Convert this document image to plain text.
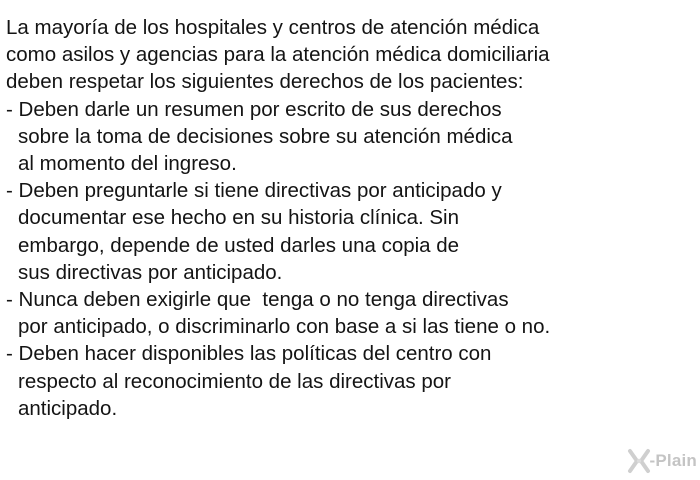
La mayoría de los hospitales y centros de atención médica

como asilos y agencias para la atención médica domiciliaria

deben respetar los siguientes derechos de los pacientes:

- Deben darle un resumen por escrito de sus derechos

sobre la toma de decisiones sobre su atención médica

al momento del ingreso.

- Deben preguntarle si tiene directivas por anticipado y

documentar ese hecho en su historia clínica. Sin

embargo, depende de usted darles una copia de

sus directivas por anticipado.

- Nunca deben exigirle que  tenga o no tenga directivas

por anticipado, o discriminarlo con base a si las tiene o no.

- Deben hacer disponibles las políticas del centro con

respecto al reconocimiento de las directivas por

anticipado.

-Plain
